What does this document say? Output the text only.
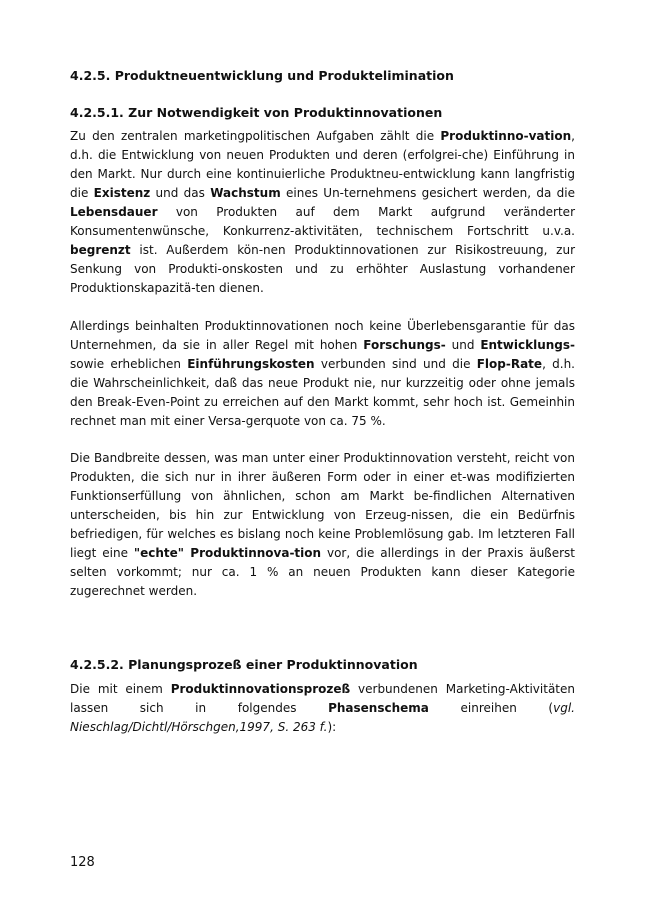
4.2.5. Produktneuentwicklung und Produktelimination
4.2.5.1. Zur Notwendigkeit von Produktinnovationen

Zu den zentralen marketingpolitischen Aufgaben zählt die Produktinno-vation, d.h. die Entwicklung von neuen Produkten und deren (erfolgrei-che) Einführung in den Markt. Nur durch eine kontinuierliche Produktneu-entwicklung kann langfristig die Existenz und das Wachstum eines Un-ternehmens gesichert werden, da die Lebensdauer von Produkten auf dem Markt aufgrund veränderter Konsumentenwünsche, Konkurrenz-aktivitäten, technischem Fortschritt u.v.a. begrenzt ist. Außerdem kön-nen Produktinnovationen zur Risikostreuung, zur Senkung von Produkti-onskosten und zu erhöhter Auslastung vorhandener Produktionskapazitä-ten dienen.

Allerdings beinhalten Produktinnovationen noch keine Überlebensgarantie für das Unternehmen, da sie in aller Regel mit hohen Forschungs- und Entwicklungs- sowie erheblichen Einführungskosten verbunden sind und die Flop-Rate, d.h. die Wahrscheinlichkeit, daß das neue Produkt nie, nur kurzzeitig oder ohne jemals den Break-Even-Point zu erreichen auf den Markt kommt, sehr hoch ist. Gemeinhin rechnet man mit einer Versa-gerquote von ca. 75 %.

Die Bandbreite dessen, was man unter einer Produktinnovation versteht, reicht von Produkten, die sich nur in ihrer äußeren Form oder in einer et-was modifizierten Funktionserfüllung von ähnlichen, schon am Markt be-findlichen Alternativen unterscheiden, bis hin zur Entwicklung von Erzeug-nissen, die ein Bedürfnis befriedigen, für welches es bislang noch keine Problemlösung gab. Im letzteren Fall liegt eine "echte" Produktinnova-tion vor, die allerdings in der Praxis äußerst selten vorkommt; nur ca. 1 % an neuen Produkten kann dieser Kategorie zugerechnet werden.

4.2.5.2. Planungsprozeß einer Produktinnovation

Die mit einem Produktinnovationsprozeß verbundenen Marketing-Aktivitäten lassen sich in folgendes Phasenschema einreihen (vgl. Nieschlag/Dichtl/Hörschgen,1997, S. 263 f.):

128
